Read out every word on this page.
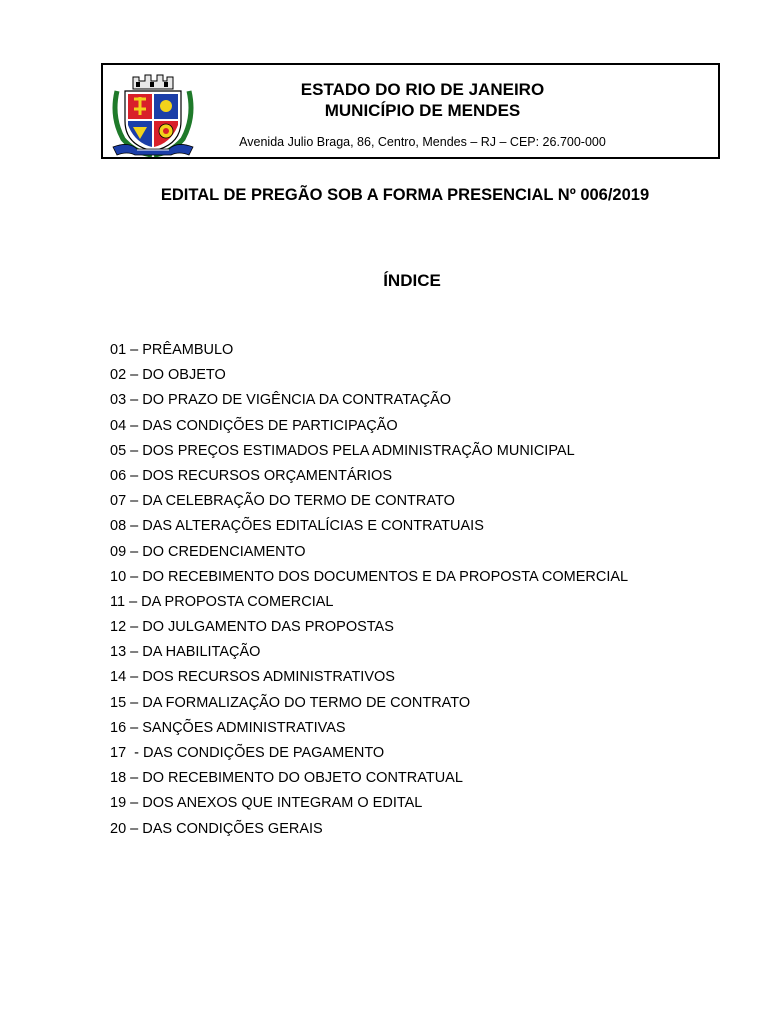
ESTADO DO RIO DE JANEIRO
MUNICÍPIO DE MENDES
Avenida Julio Braga, 86, Centro, Mendes – RJ – CEP: 26.700-000
EDITAL DE PREGÃO SOB A FORMA PRESENCIAL Nº 006/2019
ÍNDICE
01 – PRÊAMBULO
02 – DO OBJETO
03 – DO PRAZO DE VIGÊNCIA DA CONTRATAÇÃO
04 – DAS CONDIÇÕES DE PARTICIPAÇÃO
05 – DOS PREÇOS ESTIMADOS PELA ADMINISTRAÇÃO MUNICIPAL
06 – DOS RECURSOS ORÇAMENTÁRIOS
07 – DA CELEBRAÇÃO DO TERMO DE CONTRATO
08 – DAS ALTERAÇÕES EDITALÍCIAS E CONTRATUAIS
09 – DO CREDENCIAMENTO
10 – DO RECEBIMENTO DOS DOCUMENTOS E DA PROPOSTA COMERCIAL
11 – DA PROPOSTA COMERCIAL
12 – DO JULGAMENTO DAS PROPOSTAS
13 – DA HABILITAÇÃO
14 – DOS RECURSOS ADMINISTRATIVOS
15 – DA FORMALIZAÇÃO DO TERMO DE CONTRATO
16 – SANÇÕES ADMINISTRATIVAS
17  - DAS CONDIÇÕES DE PAGAMENTO
18 – DO RECEBIMENTO DO OBJETO CONTRATUAL
19 – DOS ANEXOS QUE INTEGRAM O EDITAL
20 – DAS CONDIÇÕES GERAIS
